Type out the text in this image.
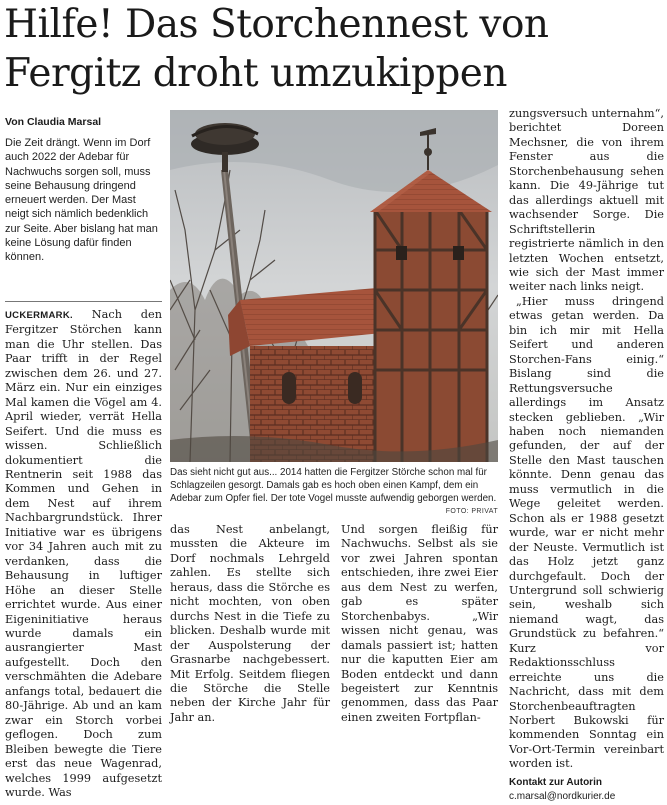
Hilfe! Das Storchennest von
Fergitz droht umzukippen
Von Claudia Marsal
Die Zeit drängt. Wenn im Dorf auch 2022 der Adebar für Nachwuchs sorgen soll, muss seine Behausung dringend erneuert werden. Der Mast neigt sich nämlich bedenklich zur Seite. Aber bislang hat man keine Lösung dafür finden können.

UCKERMARK. Nach den Fergitzer Störchen kann man die Uhr stellen. Das Paar trifft in der Regel zwischen dem 26. und 27. März ein. Nur ein einziges Mal kamen die Vögel am 4. April wieder, verrät Hella Seifert. Und die muss es wissen. Schließlich dokumentiert die Rentnerin seit 1988 das Kommen und Gehen in dem Nest auf ihrem Nachbargrundstück. Ihrer Initiative war es übrigens vor 34 Jahren auch mit zu verdanken, dass die Behausung in luftiger Höhe an dieser Stelle errichtet wurde. Aus einer Eigeninitiative heraus wurde damals ein ausrangierter Mast aufgestellt. Doch den verschmähten die Adebare anfangs total, bedauert die 80-Jährige. Ab und an kam zwar ein Storch vorbei geflogen. Doch zum Bleiben bewegte die Tiere erst das neue Wagenrad, welches 1999 aufgesetzt wurde. Was

Das sieht nicht gut aus... 2014 hatten die Fergitzer Störche schon mal für Schlagzeilen gesorgt. Damals gab es hoch oben einen Kampf, dem ein Adebar zum Opfer fiel. Der tote Vogel musste aufwendig geborgen werden.
FOTO: PRIVAT

das Nest anbelangt, mussten die Akteure im Dorf nochmals Lehrgeld zahlen. Es stellte sich heraus, dass die Störche es nicht mochten, von oben durchs Nest in die Tiefe zu blicken. Deshalb wurde mit der Auspolsterung der Grasnarbe nachgebessert. Mit Erfolg. Seitdem fliegen die Störche die Stelle neben der Kirche Jahr für Jahr an.

Und sorgen fleißig für Nachwuchs. Selbst als sie vor zwei Jahren spontan entschieden, ihre zwei Eier aus dem Nest zu werfen, gab es später Storchenbabys. „Wir wissen nicht genau, was damals passiert ist; hatten nur die kaputten Eier am Boden entdeckt und dann begeistert zur Kenntnis genommen, dass das Paar einen zweiten Fortpflan-

zungsversuch unternahm“, berichtet Doreen Mechsner, die von ihrem Fenster aus die Storchenbehausung sehen kann. Die 49-Jährige tut das allerdings aktuell mit wachsender Sorge. Die Schriftstellerin registrierte nämlich in den letzten Wochen entsetzt, wie sich der Mast immer weiter nach links neigt.

„Hier muss dringend etwas getan werden. Da bin ich mir mit Hella Seifert und anderen Storchen-Fans einig.“ Bislang sind die Rettungsversuche allerdings im Ansatz stecken geblieben. „Wir haben noch niemanden gefunden, der auf der Stelle den Mast tauschen könnte. Denn genau das muss vermutlich in die Wege geleitet werden. Schon als er 1988 gesetzt wurde, war er nicht mehr der Neuste. Vermutlich ist das Holz jetzt ganz durchgefault. Doch der Untergrund soll schwierig sein, weshalb sich niemand wagt, das Grundstück zu befahren.“ Kurz vor Redaktionsschluss erreichte uns die Nachricht, dass mit dem Storchenbeauftragten Norbert Bukowski für kommenden Sonntag ein Vor-Ort-Termin vereinbart worden ist.

Kontakt zur Autorin
c.marsal@nordkurier.de
